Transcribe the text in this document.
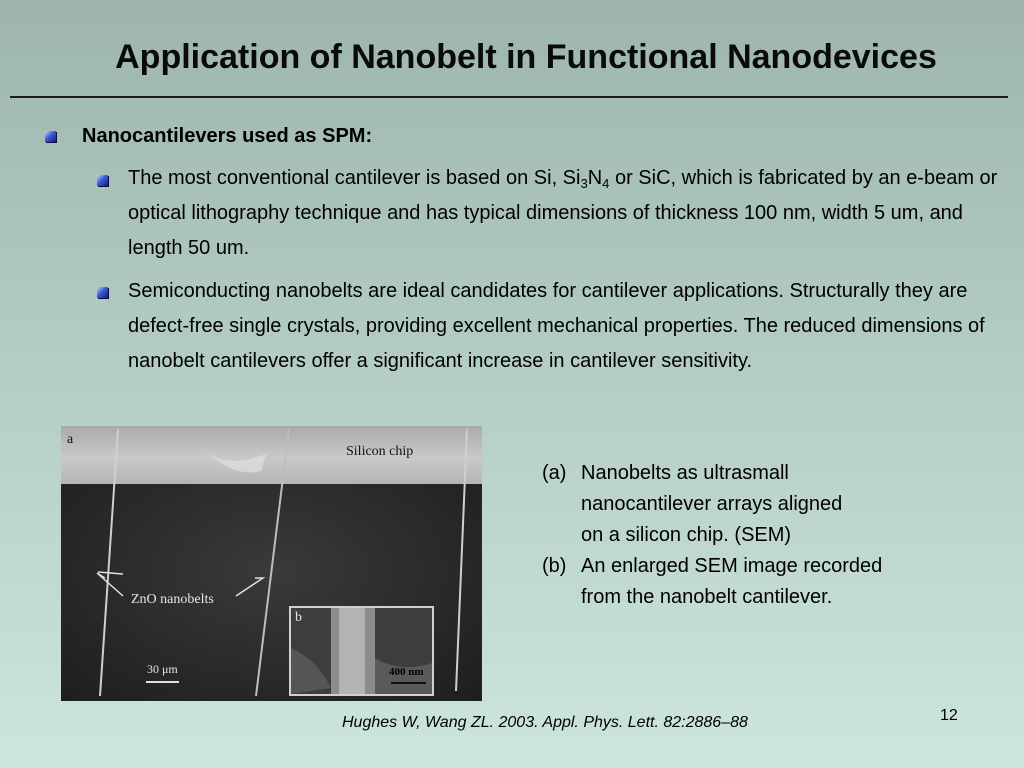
Application of Nanobelt in Functional Nanodevices
Nanocantilevers used as SPM:
The most conventional cantilever is based on Si, $Si_3N_4$ or SiC, which is fabricated by an e-beam or optical lithography technique and has typical dimensions of thickness 100 nm, width 5 um, and length 50 um.
Semiconducting nanobelts are ideal candidates for cantilever applications. Structurally they are defect-free single crystals, providing excellent mechanical properties. The reduced dimensions of nanobelt cantilevers offer a significant increase in cantilever sensitivity.
a
Silicon chip
ZnO nanobelts
30 μm
b
400 nm
(a) Nanobelts as ultrasmall nanocantilever arrays aligned on a silicon chip. (SEM)
(b) An enlarged SEM image recorded from the nanobelt cantilever.
Hughes W, Wang ZL. 2003. Appl. Phys. Lett. 82:2886–88	12
